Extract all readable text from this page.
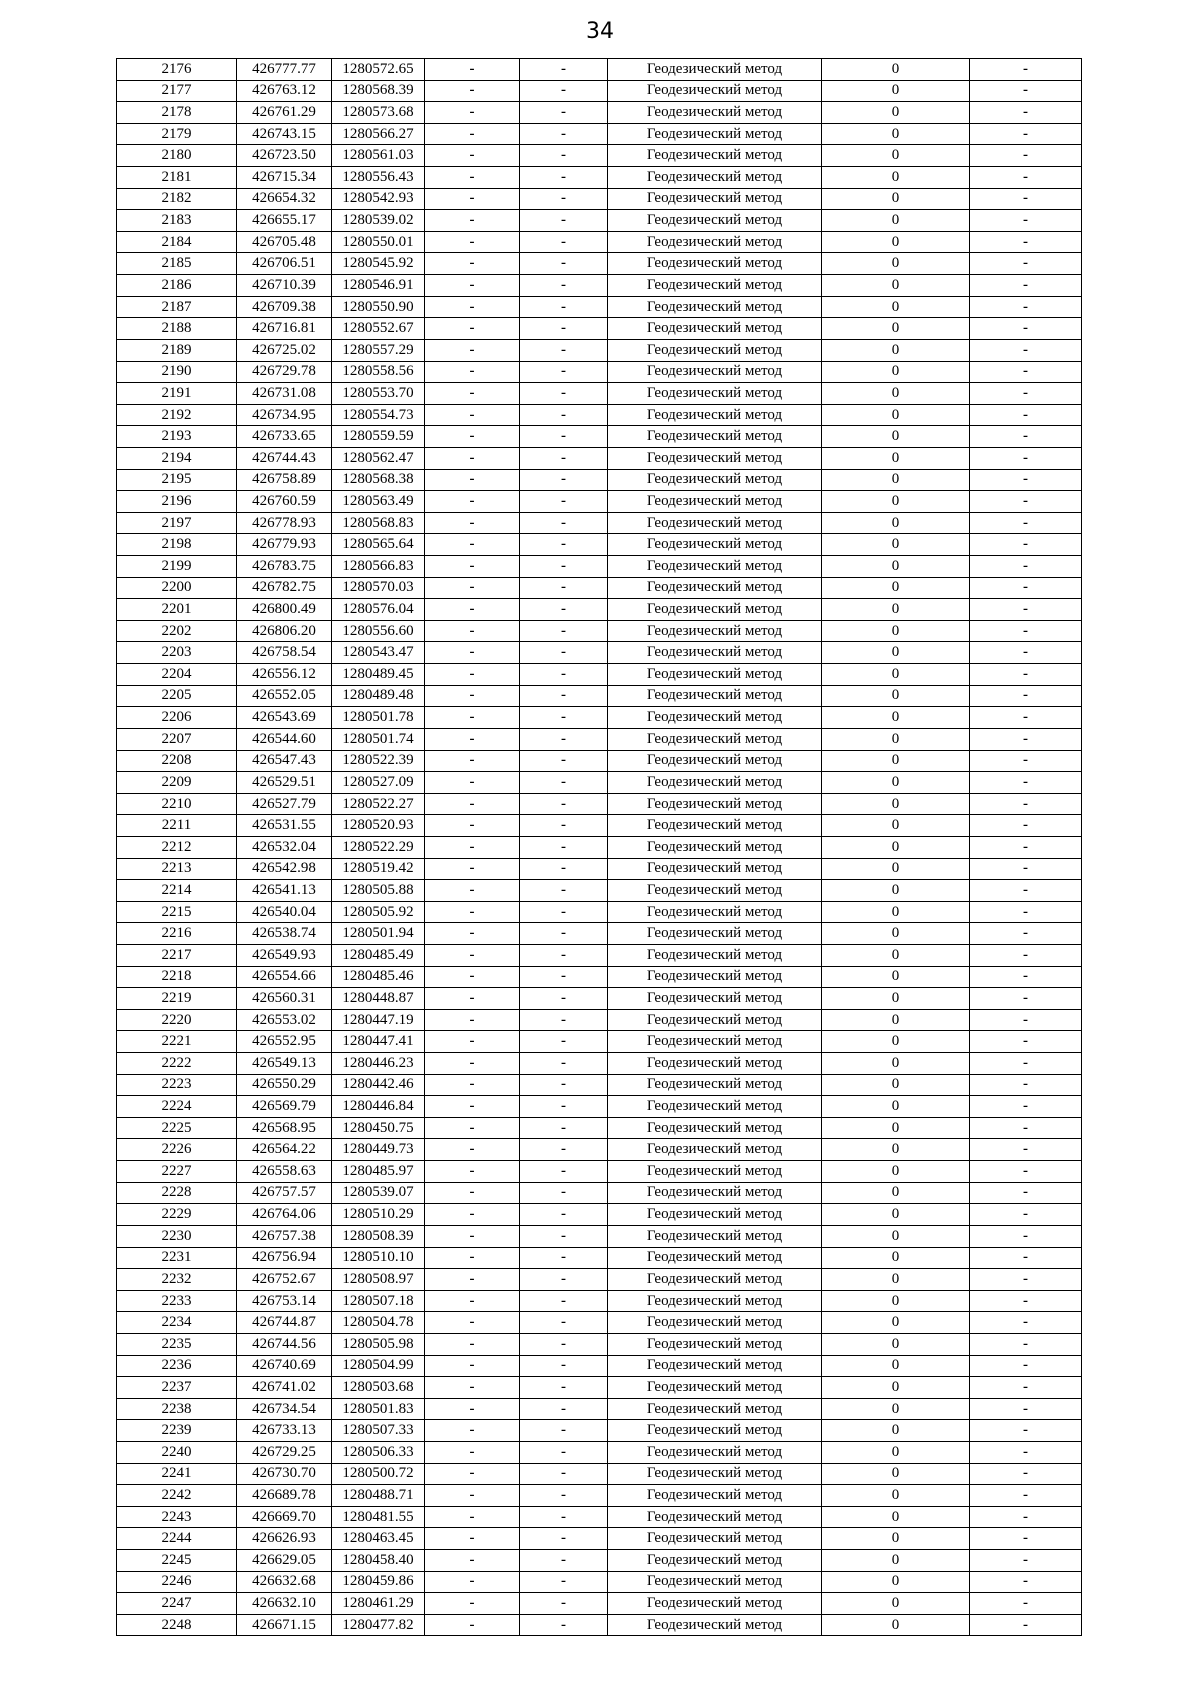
34
2176	426777.77	1280572.65	-	-	Геодезический метод	0	-
2177	426763.12	1280568.39	-	-	Геодезический метод	0	-
2178	426761.29	1280573.68	-	-	Геодезический метод	0	-
2179	426743.15	1280566.27	-	-	Геодезический метод	0	-
2180	426723.50	1280561.03	-	-	Геодезический метод	0	-
2181	426715.34	1280556.43	-	-	Геодезический метод	0	-
2182	426654.32	1280542.93	-	-	Геодезический метод	0	-
2183	426655.17	1280539.02	-	-	Геодезический метод	0	-
2184	426705.48	1280550.01	-	-	Геодезический метод	0	-
2185	426706.51	1280545.92	-	-	Геодезический метод	0	-
2186	426710.39	1280546.91	-	-	Геодезический метод	0	-
2187	426709.38	1280550.90	-	-	Геодезический метод	0	-
2188	426716.81	1280552.67	-	-	Геодезический метод	0	-
2189	426725.02	1280557.29	-	-	Геодезический метод	0	-
2190	426729.78	1280558.56	-	-	Геодезический метод	0	-
2191	426731.08	1280553.70	-	-	Геодезический метод	0	-
2192	426734.95	1280554.73	-	-	Геодезический метод	0	-
2193	426733.65	1280559.59	-	-	Геодезический метод	0	-
2194	426744.43	1280562.47	-	-	Геодезический метод	0	-
2195	426758.89	1280568.38	-	-	Геодезический метод	0	-
2196	426760.59	1280563.49	-	-	Геодезический метод	0	-
2197	426778.93	1280568.83	-	-	Геодезический метод	0	-
2198	426779.93	1280565.64	-	-	Геодезический метод	0	-
2199	426783.75	1280566.83	-	-	Геодезический метод	0	-
2200	426782.75	1280570.03	-	-	Геодезический метод	0	-
2201	426800.49	1280576.04	-	-	Геодезический метод	0	-
2202	426806.20	1280556.60	-	-	Геодезический метод	0	-
2203	426758.54	1280543.47	-	-	Геодезический метод	0	-
2204	426556.12	1280489.45	-	-	Геодезический метод	0	-
2205	426552.05	1280489.48	-	-	Геодезический метод	0	-
2206	426543.69	1280501.78	-	-	Геодезический метод	0	-
2207	426544.60	1280501.74	-	-	Геодезический метод	0	-
2208	426547.43	1280522.39	-	-	Геодезический метод	0	-
2209	426529.51	1280527.09	-	-	Геодезический метод	0	-
2210	426527.79	1280522.27	-	-	Геодезический метод	0	-
2211	426531.55	1280520.93	-	-	Геодезический метод	0	-
2212	426532.04	1280522.29	-	-	Геодезический метод	0	-
2213	426542.98	1280519.42	-	-	Геодезический метод	0	-
2214	426541.13	1280505.88	-	-	Геодезический метод	0	-
2215	426540.04	1280505.92	-	-	Геодезический метод	0	-
2216	426538.74	1280501.94	-	-	Геодезический метод	0	-
2217	426549.93	1280485.49	-	-	Геодезический метод	0	-
2218	426554.66	1280485.46	-	-	Геодезический метод	0	-
2219	426560.31	1280448.87	-	-	Геодезический метод	0	-
2220	426553.02	1280447.19	-	-	Геодезический метод	0	-
2221	426552.95	1280447.41	-	-	Геодезический метод	0	-
2222	426549.13	1280446.23	-	-	Геодезический метод	0	-
2223	426550.29	1280442.46	-	-	Геодезический метод	0	-
2224	426569.79	1280446.84	-	-	Геодезический метод	0	-
2225	426568.95	1280450.75	-	-	Геодезический метод	0	-
2226	426564.22	1280449.73	-	-	Геодезический метод	0	-
2227	426558.63	1280485.97	-	-	Геодезический метод	0	-
2228	426757.57	1280539.07	-	-	Геодезический метод	0	-
2229	426764.06	1280510.29	-	-	Геодезический метод	0	-
2230	426757.38	1280508.39	-	-	Геодезический метод	0	-
2231	426756.94	1280510.10	-	-	Геодезический метод	0	-
2232	426752.67	1280508.97	-	-	Геодезический метод	0	-
2233	426753.14	1280507.18	-	-	Геодезический метод	0	-
2234	426744.87	1280504.78	-	-	Геодезический метод	0	-
2235	426744.56	1280505.98	-	-	Геодезический метод	0	-
2236	426740.69	1280504.99	-	-	Геодезический метод	0	-
2237	426741.02	1280503.68	-	-	Геодезический метод	0	-
2238	426734.54	1280501.83	-	-	Геодезический метод	0	-
2239	426733.13	1280507.33	-	-	Геодезический метод	0	-
2240	426729.25	1280506.33	-	-	Геодезический метод	0	-
2241	426730.70	1280500.72	-	-	Геодезический метод	0	-
2242	426689.78	1280488.71	-	-	Геодезический метод	0	-
2243	426669.70	1280481.55	-	-	Геодезический метод	0	-
2244	426626.93	1280463.45	-	-	Геодезический метод	0	-
2245	426629.05	1280458.40	-	-	Геодезический метод	0	-
2246	426632.68	1280459.86	-	-	Геодезический метод	0	-
2247	426632.10	1280461.29	-	-	Геодезический метод	0	-
2248	426671.15	1280477.82	-	-	Геодезический метод	0	-
